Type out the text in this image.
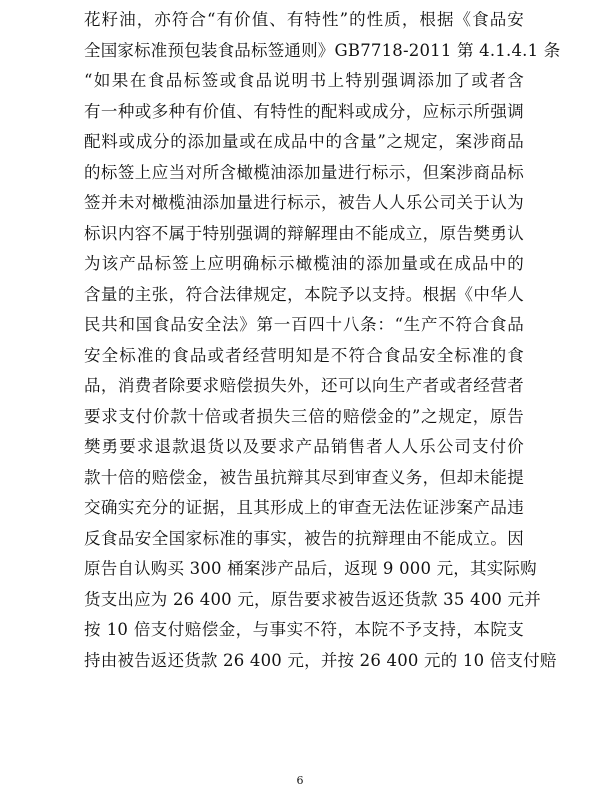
花籽油，亦符合“有价值、有特性”的性质，根据《食品安
全国家标准预包装食品标签通则》GB7718-2011 第 4.1.4.1 条
“如果在食品标签或食品说明书上特别强调添加了或者含
有一种或多种有价值、有特性的配料或成分，应标示所强调
配料或成分的添加量或在成品中的含量”之规定，案涉商品
的标签上应当对所含橄榄油添加量进行标示，但案涉商品标
签并未对橄榄油添加量进行标示，被告人人乐公司关于认为
标识内容不属于特别强调的辩解理由不能成立，原告樊勇认
为该产品标签上应明确标示橄榄油的添加量或在成品中的
含量的主张，符合法律规定，本院予以支持。根据《中华人
民共和国食品安全法》第一百四十八条：“生产不符合食品
安全标准的食品或者经营明知是不符合食品安全标准的食
品，消费者除要求赔偿损失外，还可以向生产者或者经营者
要求支付价款十倍或者损失三倍的赔偿金的”之规定，原告
樊勇要求退款退货以及要求产品销售者人人乐公司支付价
款十倍的赔偿金，被告虽抗辩其尽到审查义务，但却未能提
交确实充分的证据，且其形成上的审查无法佐证涉案产品违
反食品安全国家标准的事实，被告的抗辩理由不能成立。因
原告自认购买 300 桶案涉产品后，返现 9 000 元，其实际购
货支出应为 26 400 元，原告要求被告返还货款 35 400 元并
按 10 倍支付赔偿金，与事实不符，本院不予支持，本院支
持由被告返还货款 26 400 元，并按 26 400 元的 10 倍支付赔
6
